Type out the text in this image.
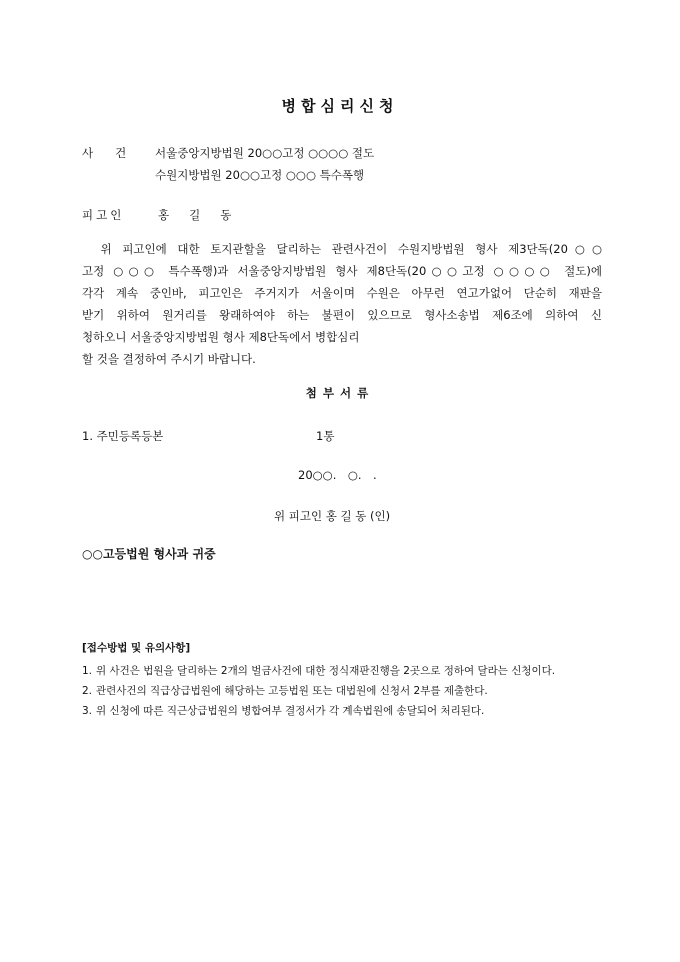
병합심리신청
사건 서울중앙지방법원 20○○고정 ○○○○ 절도
수원지방법원 20○○고정 ○○○ 특수폭행
피고인	홍길동
　위 피고인에 대한 토지관할을 달리하는 관련사건이 수원지방법원 형사 제3단독(20○○
고정 ○○○ 특수폭행)과 서울중앙지방법원 형사 제8단독(20○○고정 ○○○○ 절도)에
각각 계속 중인바, 피고인은 주거지가 서울이며 수원은 아무런 연고가없어 단순히 재판을
받기 위하여 원거리를 왕래하여야 하는 불편이 있으므로 형사소송법 제6조에 의하여 신
청하오니 서울중앙지방법원 형사 제8단독에서 병합심리
할 것을 결정하여 주시기 바랍니다.
첨부서류
1. 주민등록등본	1통
20○○.　○.　.
위 피고인 홍 길 동 (인)
○○고등법원 형사과 귀중
[접수방법 및 유의사항]
1. 위 사건은 법원을 달리하는 2개의 벌금사건에 대한 정식재판진행을 2곳으로 정하여 달라는 신청이다.
2. 관련사건의 직급상급법원에 해당하는 고등법원 또는 대법원에 신청서 2부를 제출한다.
3. 위 신청에 따른 직근상급법원의 병합여부 결정서가 각 계속법원에 송달되어 처리된다.
